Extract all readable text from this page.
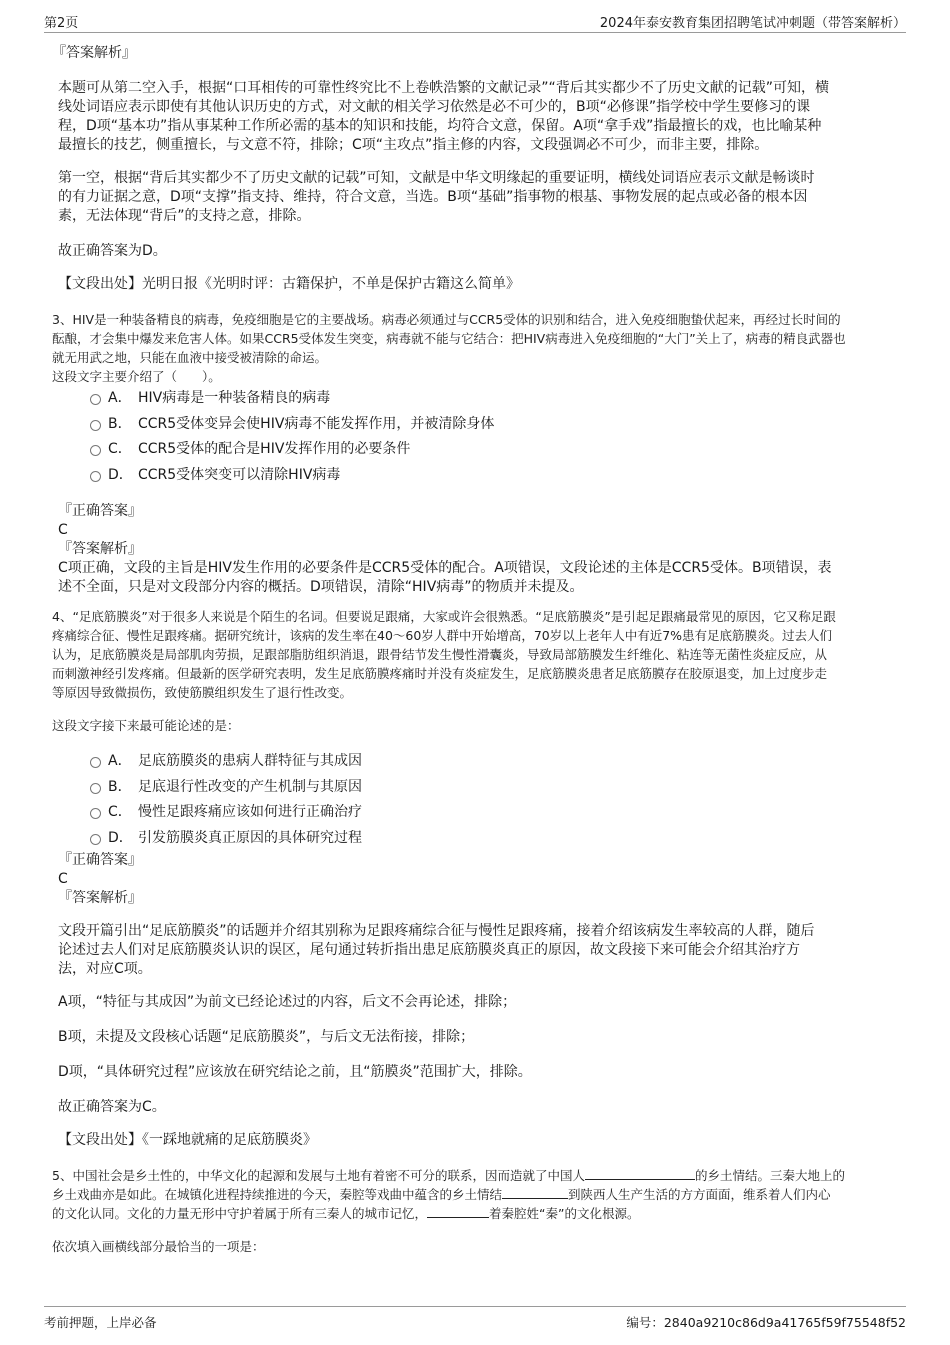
第2页	2024年泰安教育集团招聘笔试冲刺题（带答案解析）
『答案解析』
本题可从第二空入手，根据“口耳相传的可靠性终究比不上卷帙浩繁的文献记录”“背后其实都少不了历史文献的记载”可知，横
线处词语应表示即使有其他认识历史的方式，对文献的相关学习依然是必不可少的，B项“必修课”指学校中学生要修习的课
程，D项“基本功”指从事某种工作所必需的基本的知识和技能，均符合文意，保留。A项“拿手戏”指最擅长的戏，也比喻某种
最擅长的技艺，侧重擅长，与文意不符，排除；C项“主攻点”指主修的内容，文段强调必不可少，而非主要，排除。
第一空，根据“背后其实都少不了历史文献的记载”可知，文献是中华文明缘起的重要证明，横线处词语应表示文献是畅谈时
的有力证据之意，D项“支撑”指支持、维持，符合文意，当选。B项“基础”指事物的根基、事物发展的起点或必备的根本因
素，无法体现“背后”的支持之意，排除。
故正确答案为D。
【文段出处】光明日报《光明时评：古籍保护，不单是保护古籍这么简单》
3、HIV是一种装备精良的病毒，免疫细胞是它的主要战场。病毒必须通过与CCR5受体的识别和结合，进入免疫细胞蛰伏起来，再经过长时间的
酝酿，才会集中爆发来危害人体。如果CCR5受体发生突变，病毒就不能与它结合：把HIV病毒进入免疫细胞的“大门”关上了，病毒的精良武器也
就无用武之地，只能在血液中接受被清除的命运。
这段文字主要介绍了（　　）。
A． HIV病毒是一种装备精良的病毒
B． CCR5受体变异会使HIV病毒不能发挥作用，并被清除身体
C． CCR5受体的配合是HIV发挥作用的必要条件
D． CCR5受体突变可以清除HIV病毒
『正确答案』
C
『答案解析』
C项正确，文段的主旨是HIV发生作用的必要条件是CCR5受体的配合。A项错误，文段论述的主体是CCR5受体。B项错误，表
述不全面，只是对文段部分内容的概括。D项错误，清除“HIV病毒”的物质并未提及。
4、“足底筋膜炎”对于很多人来说是个陌生的名词。但要说足跟痛，大家或许会很熟悉。“足底筋膜炎”是引起足跟痛最常见的原因，它又称足跟
疼痛综合征、慢性足跟疼痛。据研究统计，该病的发生率在40～60岁人群中开始增高，70岁以上老年人中有近7%患有足底筋膜炎。过去人们
认为，足底筋膜炎是局部肌肉劳损，足跟部脂肪组织消退，跟骨结节发生慢性滑囊炎，导致局部筋膜发生纤维化、粘连等无菌性炎症反应，从
而刺激神经引发疼痛。但最新的医学研究表明，发生足底筋膜疼痛时并没有炎症发生，足底筋膜炎患者足底筋膜存在胶原退变，加上过度步走
等原因导致微损伤，致使筋膜组织发生了退行性改变。
这段文字接下来最可能论述的是：
A． 足底筋膜炎的患病人群特征与其成因
B． 足底退行性改变的产生机制与其原因
C． 慢性足跟疼痛应该如何进行正确治疗
D． 引发筋膜炎真正原因的具体研究过程
『正确答案』
C
『答案解析』
文段开篇引出“足底筋膜炎”的话题并介绍其别称为足跟疼痛综合征与慢性足跟疼痛，接着介绍该病发生率较高的人群，随后
论述过去人们对足底筋膜炎认识的误区，尾句通过转折指出患足底筋膜炎真正的原因，故文段接下来可能会介绍其治疗方
法，对应C项。
A项，“特征与其成因”为前文已经论述过的内容，后文不会再论述，排除；
B项，未提及文段核心话题“足底筋膜炎”，与后文无法衔接，排除；
D项，“具体研究过程”应该放在研究结论之前，且“筋膜炎”范围扩大，排除。
故正确答案为C。
【文段出处】《一踩地就痛的足底筋膜炎》
5、中国社会是乡土性的，中华文化的起源和发展与土地有着密不可分的联系，因而造就了中国人	的乡土情结。三秦大地上的
乡土戏曲亦是如此。在城镇化进程持续推进的今天，秦腔等戏曲中蕴含的乡土情结	到陕西人生产生活的方方面面，维系着人们内心
的文化认同。文化的力量无形中守护着属于所有三秦人的城市记忆，	着秦腔姓“秦”的文化根源。
依次填入画横线部分最恰当的一项是：
考前押题，上岸必备	编号：2840a9210c86d9a41765f59f75548f52
